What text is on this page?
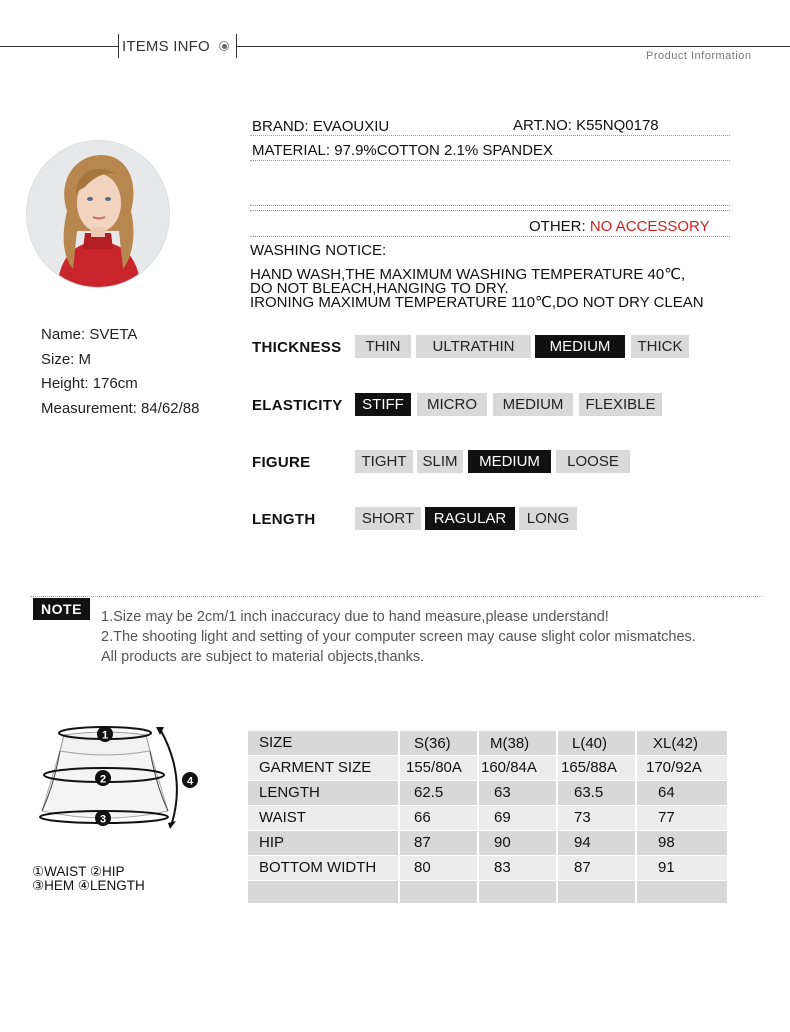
ITEMS INFO
Product Information
Name: SVETA
Size: M
Height: 176cm
Measurement: 84/62/88
BRAND: EVAOUXIU	ART.NO: K55NQ0178
MATERIAL: 97.9%COTTON 2.1% SPANDEX
OTHER: NO ACCESSORY
WASHING NOTICE:
HAND WASH,THE MAXIMUM WASHING TEMPERATURE 40℃,
DO NOT BLEACH,HANGING TO DRY.
IRONING MAXIMUM TEMPERATURE 110℃,DO NOT DRY CLEAN
THICKNESS	THIN	ULTRATHIN	MEDIUM	THICK
ELASTICITY	STIFF	MICRO	MEDIUM	FLEXIBLE
FIGURE	TIGHT	SLIM	MEDIUM	LOOSE
LENGTH	SHORT	RAGULAR	LONG
NOTE	1.Size may be 2cm/1 inch inaccuracy due to hand measure,please understand!
2.The shooting light and setting of your computer screen may cause slight color mismatches.
All products are subject to material objects,thanks.
1
2
3
4
①WAIST ②HIP
③HEM ④LENGTH
SIZE	S(36)	M(38)	L(40)	XL(42)
GARMENT SIZE 155/80A 160/84A 165/88A 170/92A
LENGTH	62.5	63	63.5	64
WAIST	66	69	73	77
HIP	87	90	94	98
BOTTOM WIDTH	80	83	87	91
